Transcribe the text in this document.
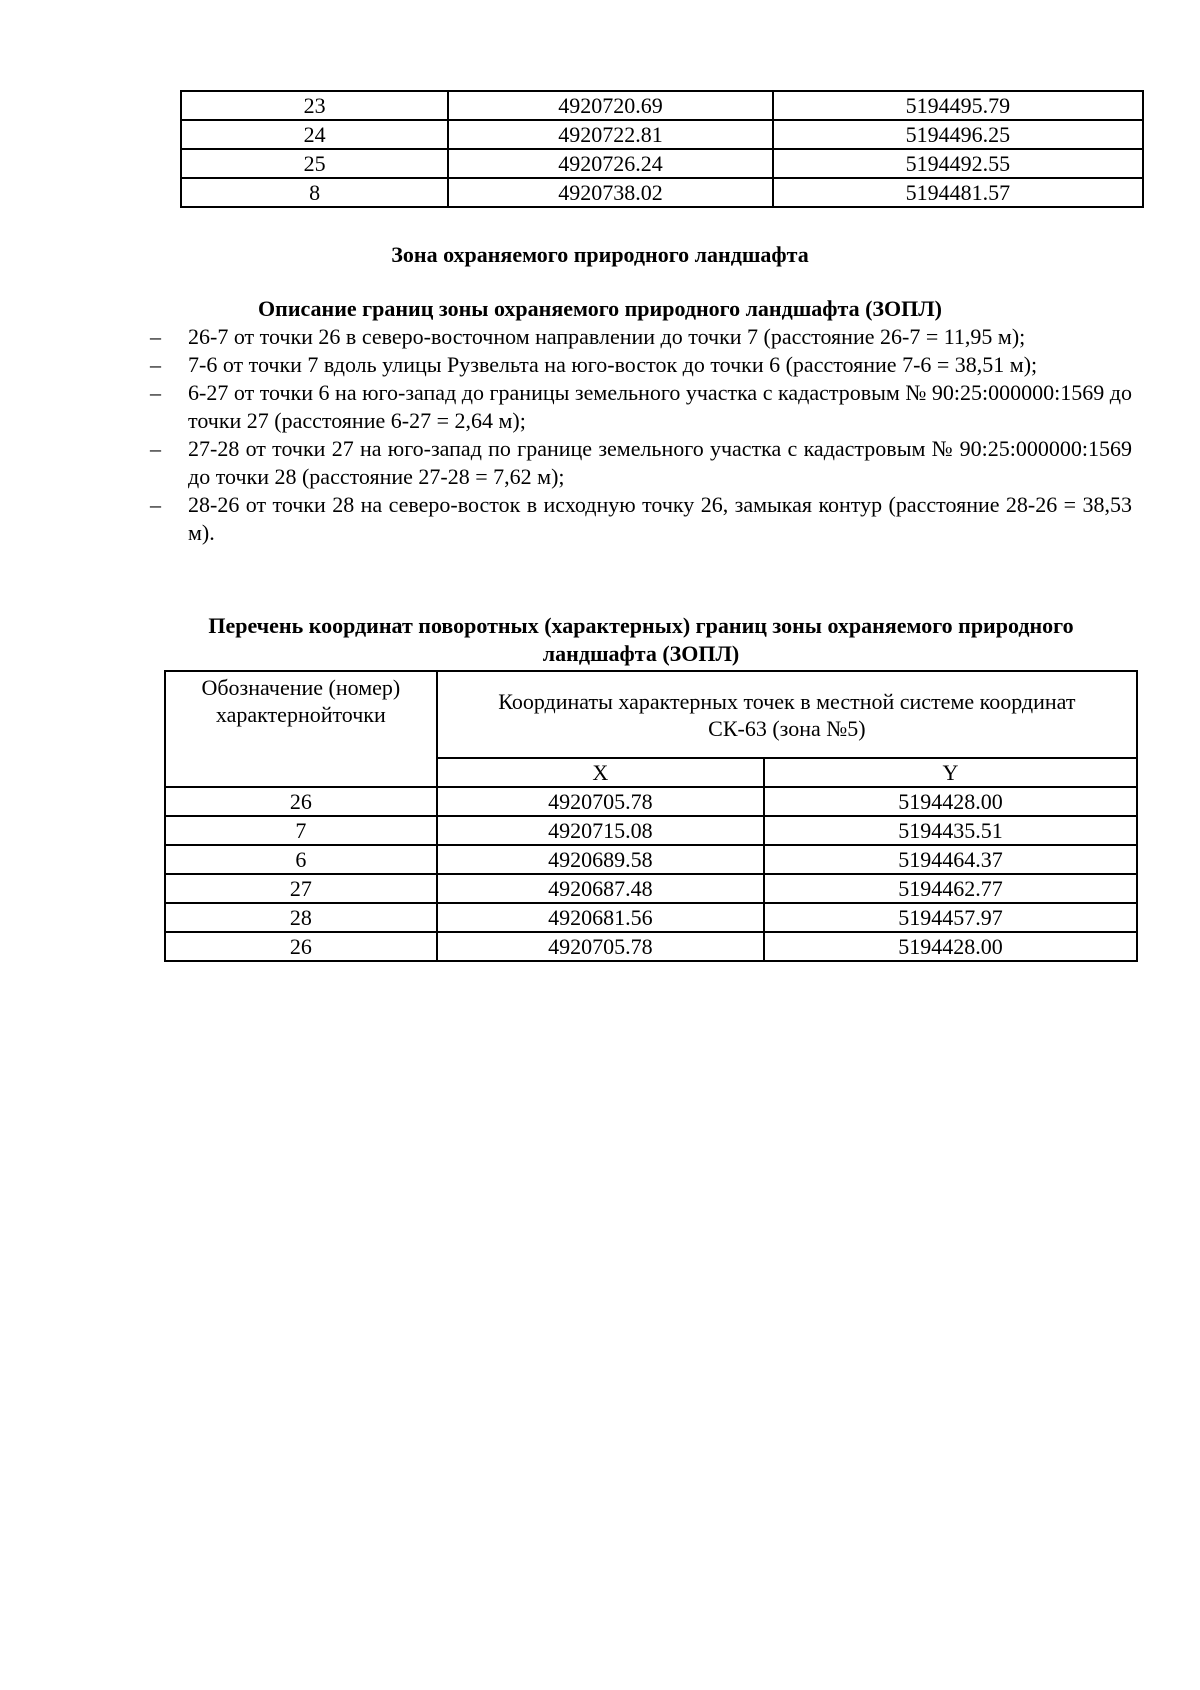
23	4920720.69	5194495.79
24	4920722.81	5194496.25
25	4920726.24	5194492.55
8	4920738.02	5194481.57
Зона охраняемого природного ландшафта
Описание границ зоны охраняемого природного ландшафта (ЗОПЛ)
– 26-7 от точки 26 в северо-восточном направлении до точки 7 (расстояние 26-7 = 11,95 м);
– 7-6 от точки 7 вдоль улицы Рузвельта на юго-восток до точки 6 (расстояние 7-6 = 38,51 м);
– 6-27 от точки 6 на юго-запад до границы земельного участка с кадастровым № 90:25:000000:1569 до точки 27 (расстояние 6-27 = 2,64 м);
– 27-28 от точки 27 на юго-запад по границе земельного участка с кадастровым № 90:25:000000:1569 до точки 28 (расстояние 27-28 = 7,62 м);
– 28-26 от точки 28 на северо-восток в исходную точку 26, замыкая контур (расстояние 28-26 = 38,53 м).
Перечень координат поворотных (характерных) границ зоны охраняемого природного ландшафта (ЗОПЛ)
Обозначение (номер) характернойточки	Координаты характерных точек в местной системе координат СК-63 (зона №5)	
	X	Y
26	4920705.78	5194428.00
7	4920715.08	5194435.51
6	4920689.58	5194464.37
27	4920687.48	5194462.77
28	4920681.56	5194457.97
26	4920705.78	5194428.00
